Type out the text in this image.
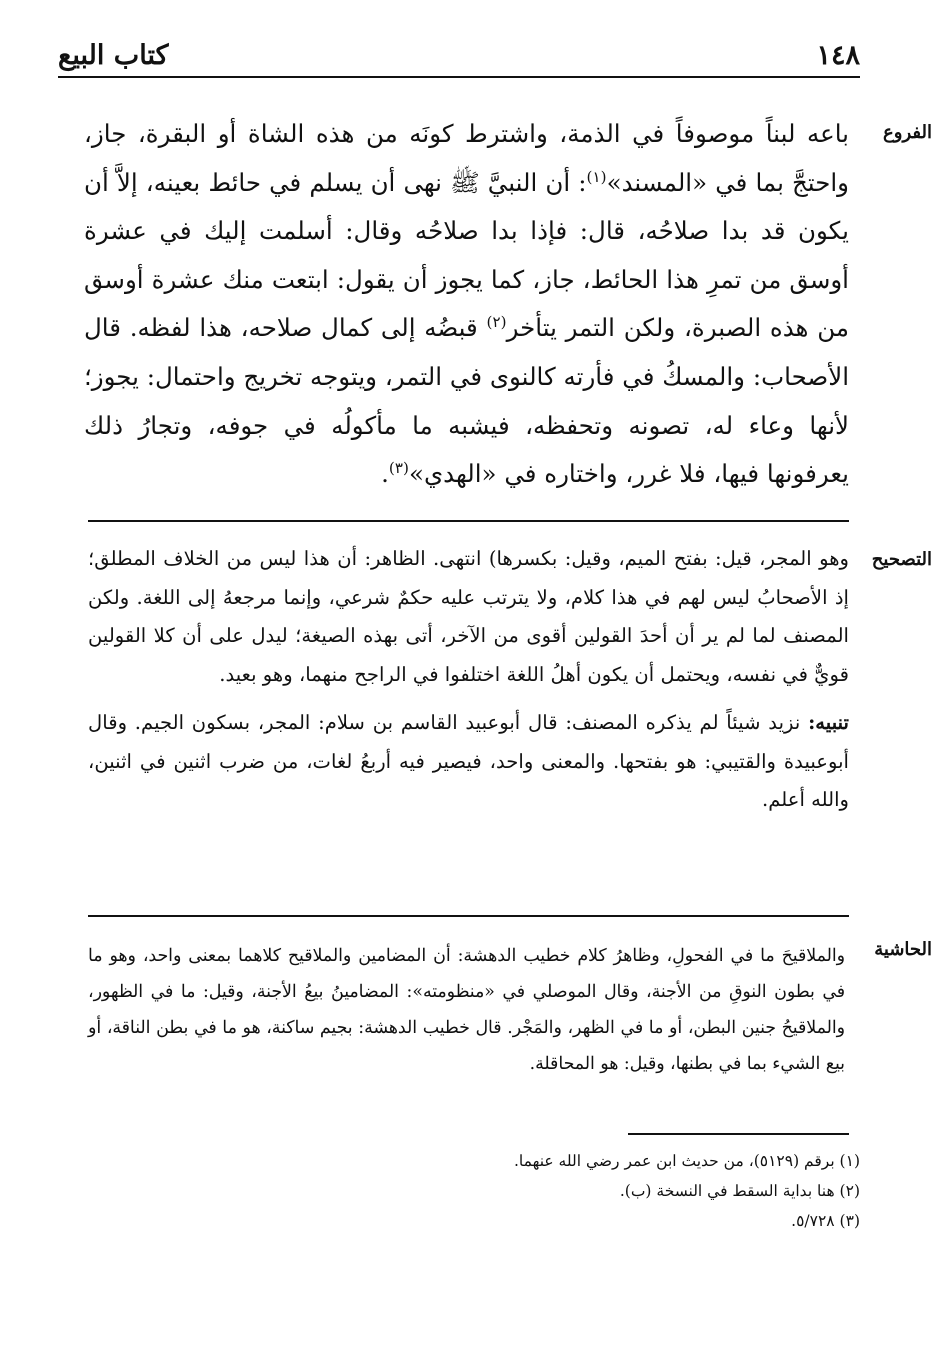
١٤٨
كتاب البيع
الفروع
التصحيح
الحاشية

باعه لبناً موصوفاً في الذمة، واشترط كونَه من هذه الشاة أو البقرة، جاز، واحتجَّ بما في «المسند»$^{(١)}$: أن النبيَّ ﷺ نهى أن يسلم في حائط بعينه، إلاَّ أن يكون قد بدا صلاحُه، قال: فإذا بدا صلاحُه وقال: أسلمت إليك في عشرة أوسق من تمرِ هذا الحائط، جاز، كما يجوز أن يقول: ابتعت منك عشرة أوسق من هذه الصبرة، ولكن التمر يتأخر$^{(٢)}$ قبضُه إلى كمال صلاحه، هذا لفظه. قال الأصحاب: والمسكُ في فأرته كالنوى في التمر، ويتوجه تخريج واحتمال: يجوز؛ لأنها وعاء له، تصونه وتحفظه، فيشبه ما مأكولُه في جوفه، وتجارُ ذلك يعرفونها فيها، فلا غرر، واختاره في «الهدي»$^{(٣)}$.

وهو المجر، قيل: بفتح الميم، وقيل: بكسرها) انتهى. الظاهر: أن هذا ليس من الخلاف المطلق؛ إذ الأصحابُ ليس لهم في هذا كلام، ولا يترتب عليه حكمٌ شرعي، وإنما مرجعهُ إلى اللغة. ولكن المصنف لما لم ير أن أحدَ القولين أقوى من الآخر، أتى بهذه الصيغة؛ ليدل على أن كلا القولين قويٌّ في نفسه، ويحتمل أن يكون أهلُ اللغة اختلفوا في الراجح منهما، وهو بعيد.

تنبيه: نزيد شيئاً لم يذكره المصنف: قال أبوعبيد القاسم بن سلام: المجر، بسكون الجيم. وقال أبوعبيدة والقتيبي: هو بفتحها. والمعنى واحد، فيصير فيه أربعُ لغات، من ضرب اثنين في اثنين، والله أعلم.

والملاقيحَ ما في الفحولِ، وظاهرُ كلام خطيب الدهشة: أن المضامين والملاقيح كلاهما بمعنى واحد، وهو ما في بطون النوقِ من الأجنة، وقال الموصلي في «منظومته»: المضامينُ بيعُ الأجنة، وقيل: ما في الظهور، والملاقيحُ جنين البطن، أو ما في الظهر، والمَجْر. قال خطيب الدهشة: بجيم ساكنة، هو ما في بطن الناقة، أو بيع الشيء بما في بطنها، وقيل: هو المحاقلة.

(١) برقم (٥١٢٩)، من حديث ابن عمر رضي الله عنهما.

(٢) هنا بداية السقط في النسخة (ب).

(٣) ٥/٧٢٨.
